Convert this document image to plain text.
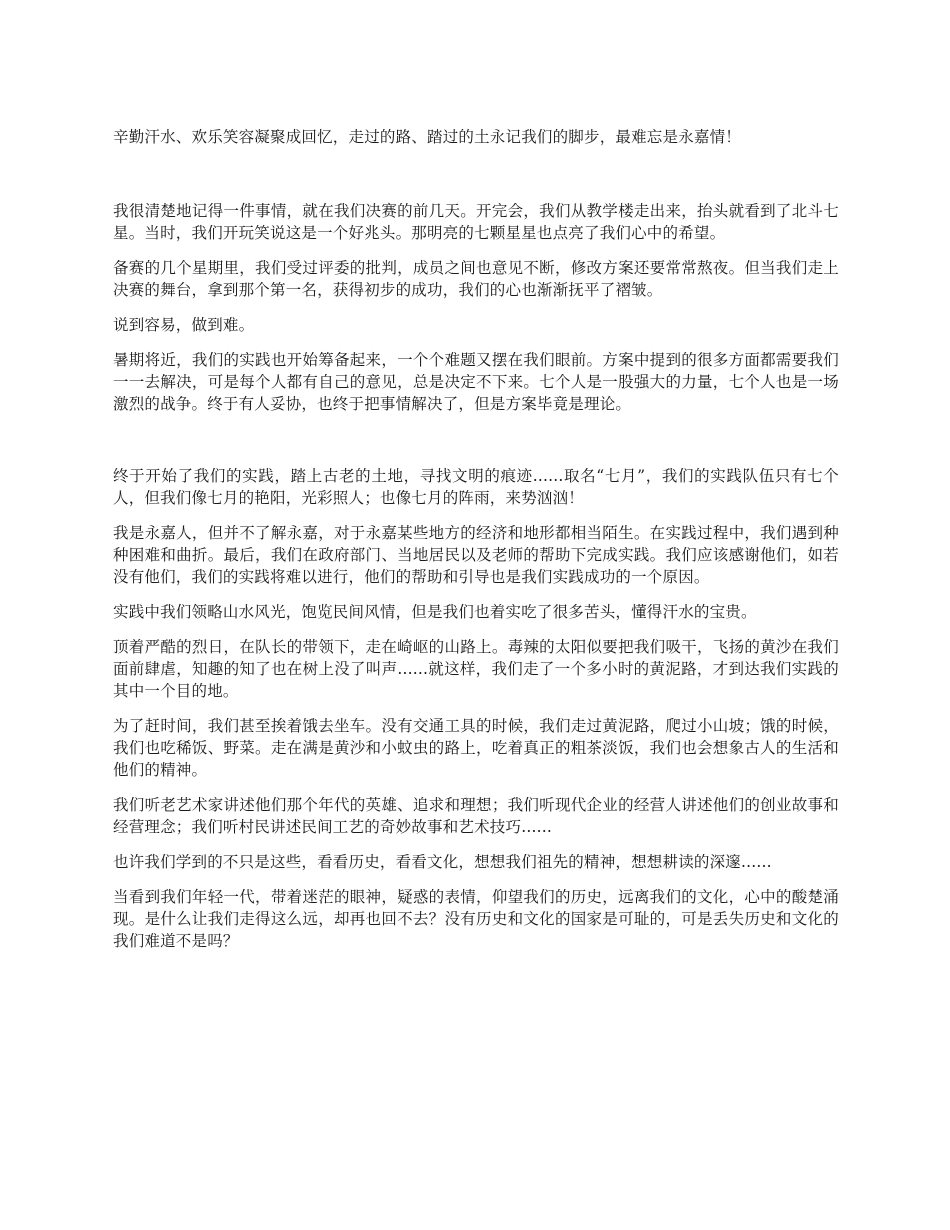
辛勤汗水、欢乐笑容凝聚成回忆，走过的路、踏过的土永记我们的脚步，最难忘是永嘉情！

我很清楚地记得一件事情，就在我们决赛的前几天。开完会，我们从教学楼走出来，抬头就看到了北斗七星。当时，我们开玩笑说这是一个好兆头。那明亮的七颗星星也点亮了我们心中的希望。

备赛的几个星期里，我们受过评委的批判，成员之间也意见不断，修改方案还要常常熬夜。但当我们走上决赛的舞台，拿到那个第一名，获得初步的成功，我们的心也渐渐抚平了褶皱。

说到容易，做到难。

暑期将近，我们的实践也开始筹备起来，一个个难题又摆在我们眼前。方案中提到的很多方面都需要我们一一去解决，可是每个人都有自己的意见，总是决定不下来。七个人是一股强大的力量，七个人也是一场激烈的战争。终于有人妥协，也终于把事情解决了，但是方案毕竟是理论。

终于开始了我们的实践，踏上古老的土地，寻找文明的痕迹......取名“七月”，我们的实践队伍只有七个人，但我们像七月的艳阳，光彩照人；也像七月的阵雨，来势汹汹！

我是永嘉人，但并不了解永嘉，对于永嘉某些地方的经济和地形都相当陌生。在实践过程中，我们遇到种种困难和曲折。最后，我们在政府部门、当地居民以及老师的帮助下完成实践。我们应该感谢他们，如若没有他们，我们的实践将难以进行，他们的帮助和引导也是我们实践成功的一个原因。

实践中我们领略山水风光，饱览民间风情，但是我们也着实吃了很多苦头，懂得汗水的宝贵。

顶着严酷的烈日，在队长的带领下，走在崎岖的山路上。毒辣的太阳似要把我们吸干，飞扬的黄沙在我们面前肆虐，知趣的知了也在树上没了叫声......就这样，我们走了一个多小时的黄泥路，才到达我们实践的其中一个目的地。

为了赶时间，我们甚至挨着饿去坐车。没有交通工具的时候，我们走过黄泥路，爬过小山坡；饿的时候，我们也吃稀饭、野菜。走在满是黄沙和小蚊虫的路上，吃着真正的粗茶淡饭，我们也会想象古人的生活和他们的精神。

我们听老艺术家讲述他们那个年代的英雄、追求和理想；我们听现代企业的经营人讲述他们的创业故事和经营理念；我们听村民讲述民间工艺的奇妙故事和艺术技巧......

也许我们学到的不只是这些，看看历史，看看文化，想想我们祖先的精神，想想耕读的深邃......

当看到我们年轻一代，带着迷茫的眼神，疑惑的表情，仰望我们的历史，远离我们的文化，心中的酸楚涌现。是什么让我们走得这么远，却再也回不去？没有历史和文化的国家是可耻的，可是丢失历史和文化的我们难道不是吗？
